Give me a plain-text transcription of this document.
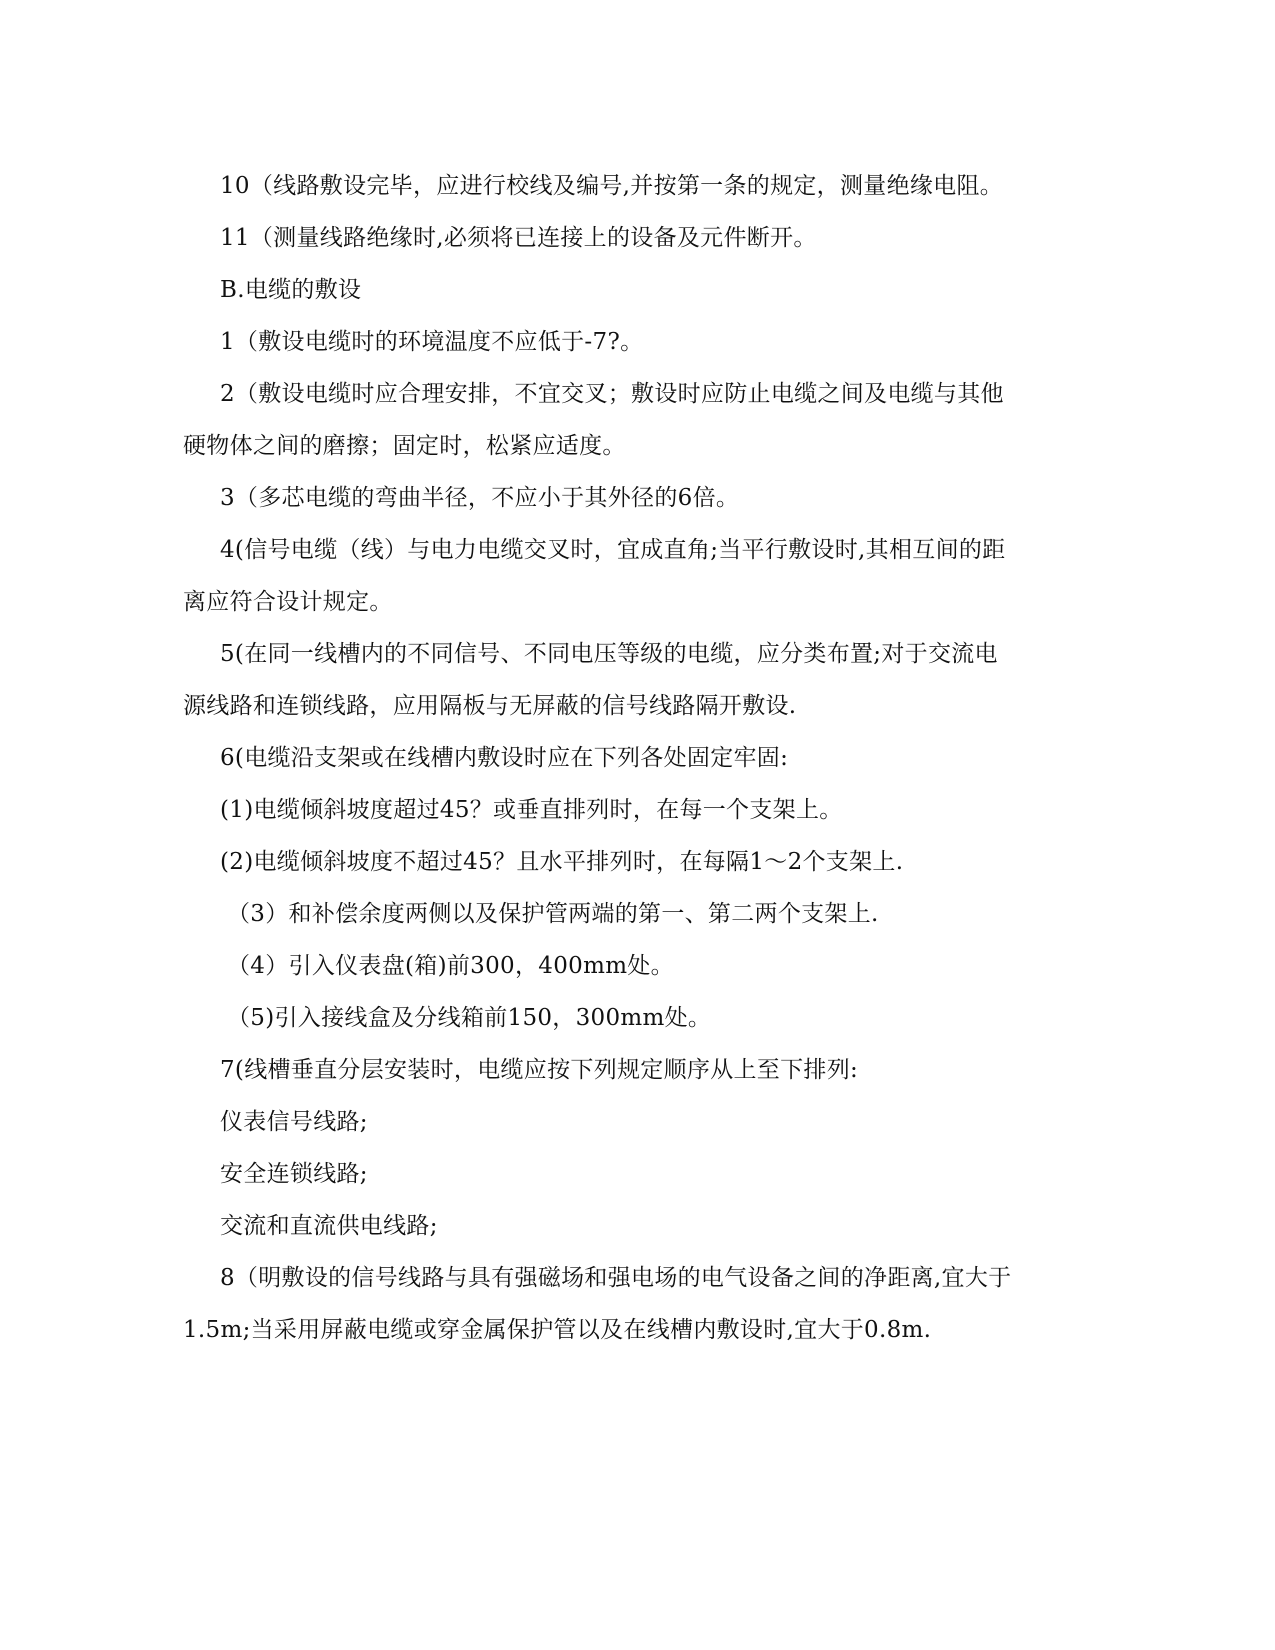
10（线路敷设完毕，应进行校线及编号,并按第一条的规定，测量绝缘电阻。
11（测量线路绝缘时,必须将已连接上的设备及元件断开。
B.电缆的敷设
1（敷设电缆时的环境温度不应低于-7?。
2（敷设电缆时应合理安排，不宜交叉；敷设时应防止电缆之间及电缆与其他
硬物体之间的磨擦；固定时，松紧应适度。
3（多芯电缆的弯曲半径，不应小于其外径的6倍。
4(信号电缆（线）与电力电缆交叉时，宜成直角;当平行敷设时,其相互间的距
离应符合设计规定。
5(在同一线槽内的不同信号、不同电压等级的电缆，应分类布置;对于交流电
源线路和连锁线路，应用隔板与无屏蔽的信号线路隔开敷设.
6(电缆沿支架或在线槽内敷设时应在下列各处固定牢固:
(1)电缆倾斜坡度超过45？或垂直排列时，在每一个支架上。
(2)电缆倾斜坡度不超过45？且水平排列时，在每隔1～2个支架上.
（3）和补偿余度两侧以及保护管两端的第一、第二两个支架上.
（4）引入仪表盘(箱)前300，400mm处。
（5)引入接线盒及分线箱前150，300mm处。
7(线槽垂直分层安装时，电缆应按下列规定顺序从上至下排列:
仪表信号线路;
安全连锁线路;
交流和直流供电线路;
8（明敷设的信号线路与具有强磁场和强电场的电气设备之间的净距离,宜大于
1.5m;当采用屏蔽电缆或穿金属保护管以及在线槽内敷设时,宜大于0.8m.
